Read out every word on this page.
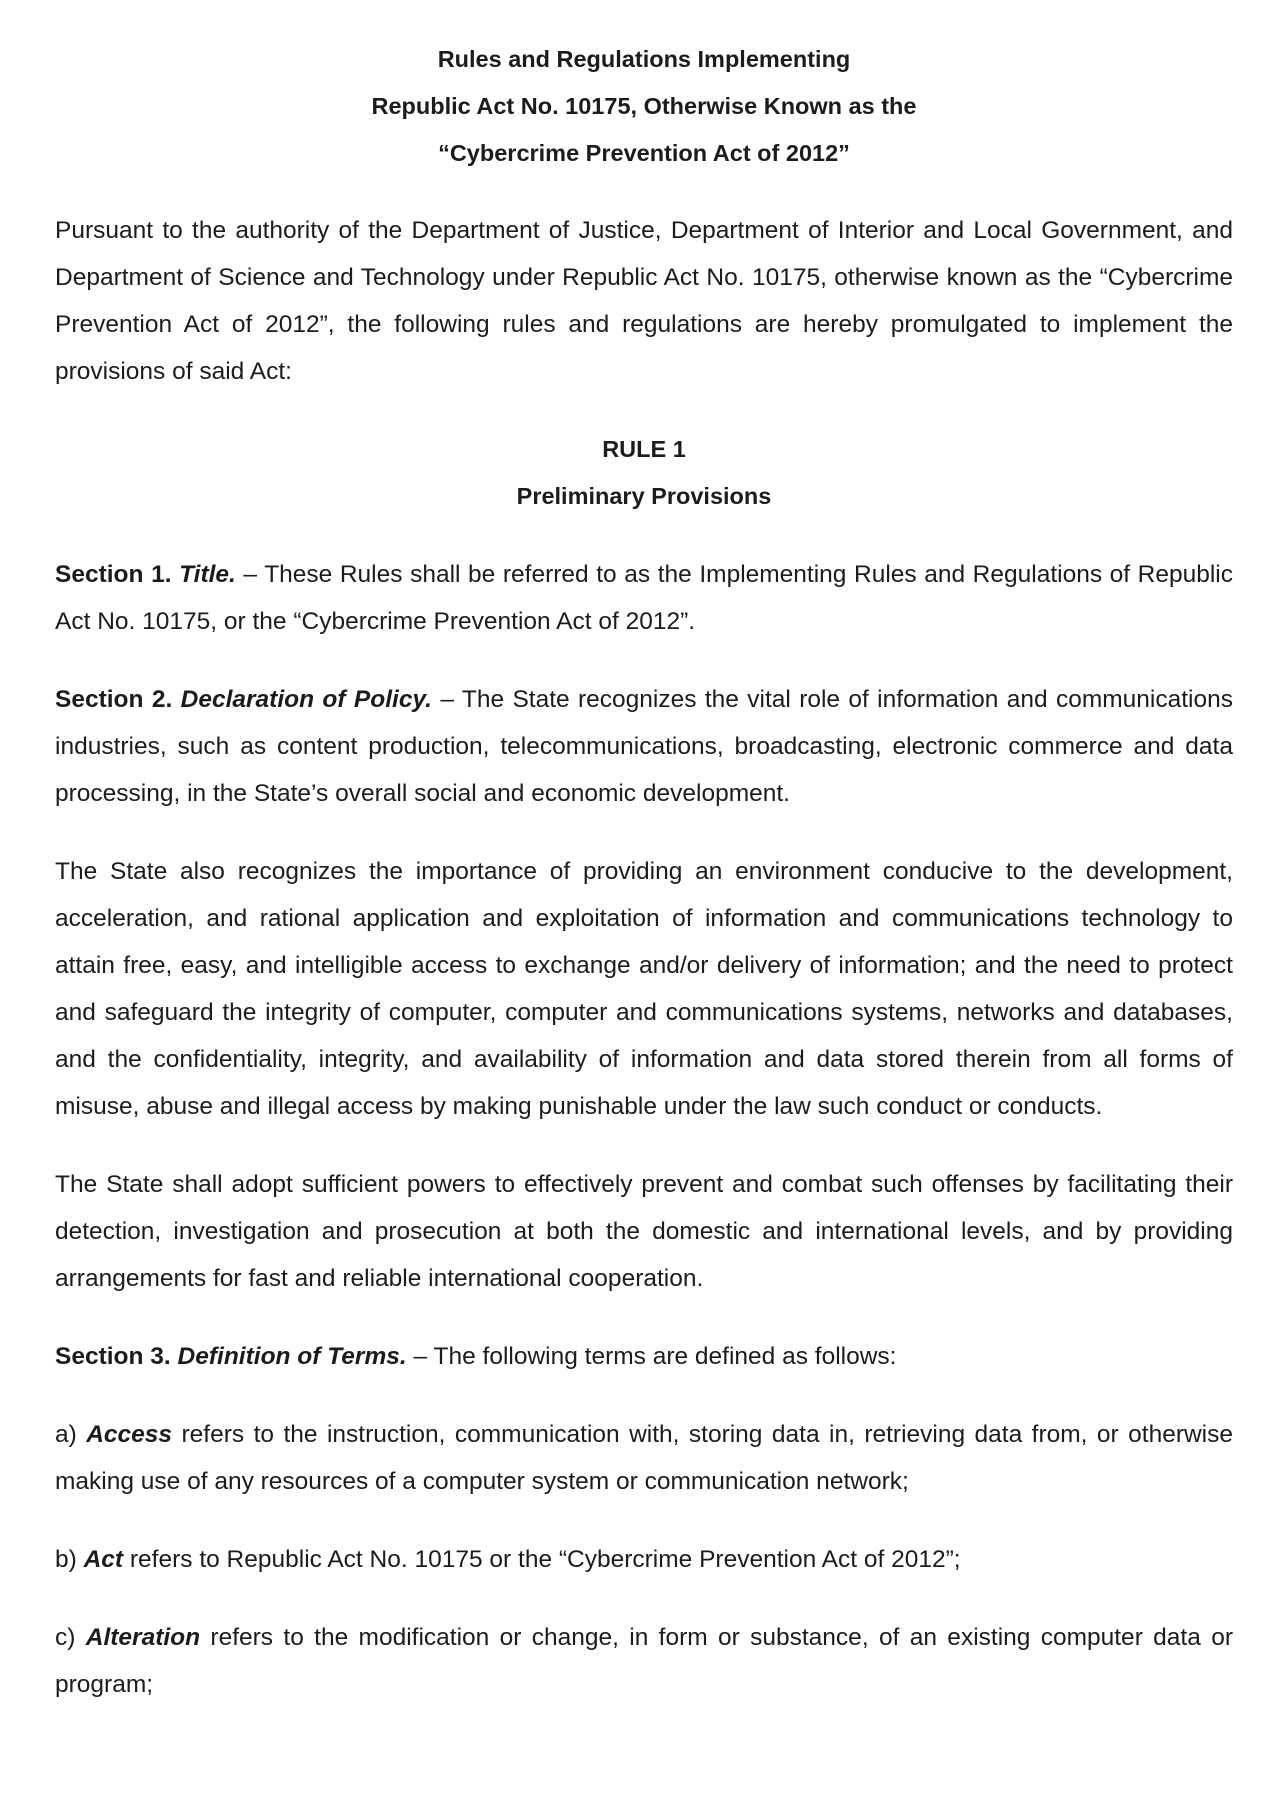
Rules and Regulations Implementing
Republic Act No. 10175, Otherwise Known as the
“Cybercrime Prevention Act of 2012”

Pursuant to the authority of the Department of Justice, Department of Interior and Local Government, and Department of Science and Technology under Republic Act No. 10175, otherwise known as the “Cybercrime Prevention Act of 2012”, the following rules and regulations are hereby promulgated to implement the provisions of said Act:

RULE 1
Preliminary Provisions

Section 1. Title. – These Rules shall be referred to as the Implementing Rules and Regulations of Republic Act No. 10175, or the “Cybercrime Prevention Act of 2012”.

Section 2. Declaration of Policy. – The State recognizes the vital role of information and communications industries, such as content production, telecommunications, broadcasting, electronic commerce and data processing, in the State’s overall social and economic development.

The State also recognizes the importance of providing an environment conducive to the development, acceleration, and rational application and exploitation of information and communications technology to attain free, easy, and intelligible access to exchange and/or delivery of information; and the need to protect and safeguard the integrity of computer, computer and communications systems, networks and databases, and the confidentiality, integrity, and availability of information and data stored therein from all forms of misuse, abuse and illegal access by making punishable under the law such conduct or conducts.

The State shall adopt sufficient powers to effectively prevent and combat such offenses by facilitating their detection, investigation and prosecution at both the domestic and international levels, and by providing arrangements for fast and reliable international cooperation.

Section 3. Definition of Terms. – The following terms are defined as follows:

a) Access refers to the instruction, communication with, storing data in, retrieving data from, or otherwise making use of any resources of a computer system or communication network;

b) Act refers to Republic Act No. 10175 or the “Cybercrime Prevention Act of 2012”;

c) Alteration refers to the modification or change, in form or substance, of an existing computer data or program;
